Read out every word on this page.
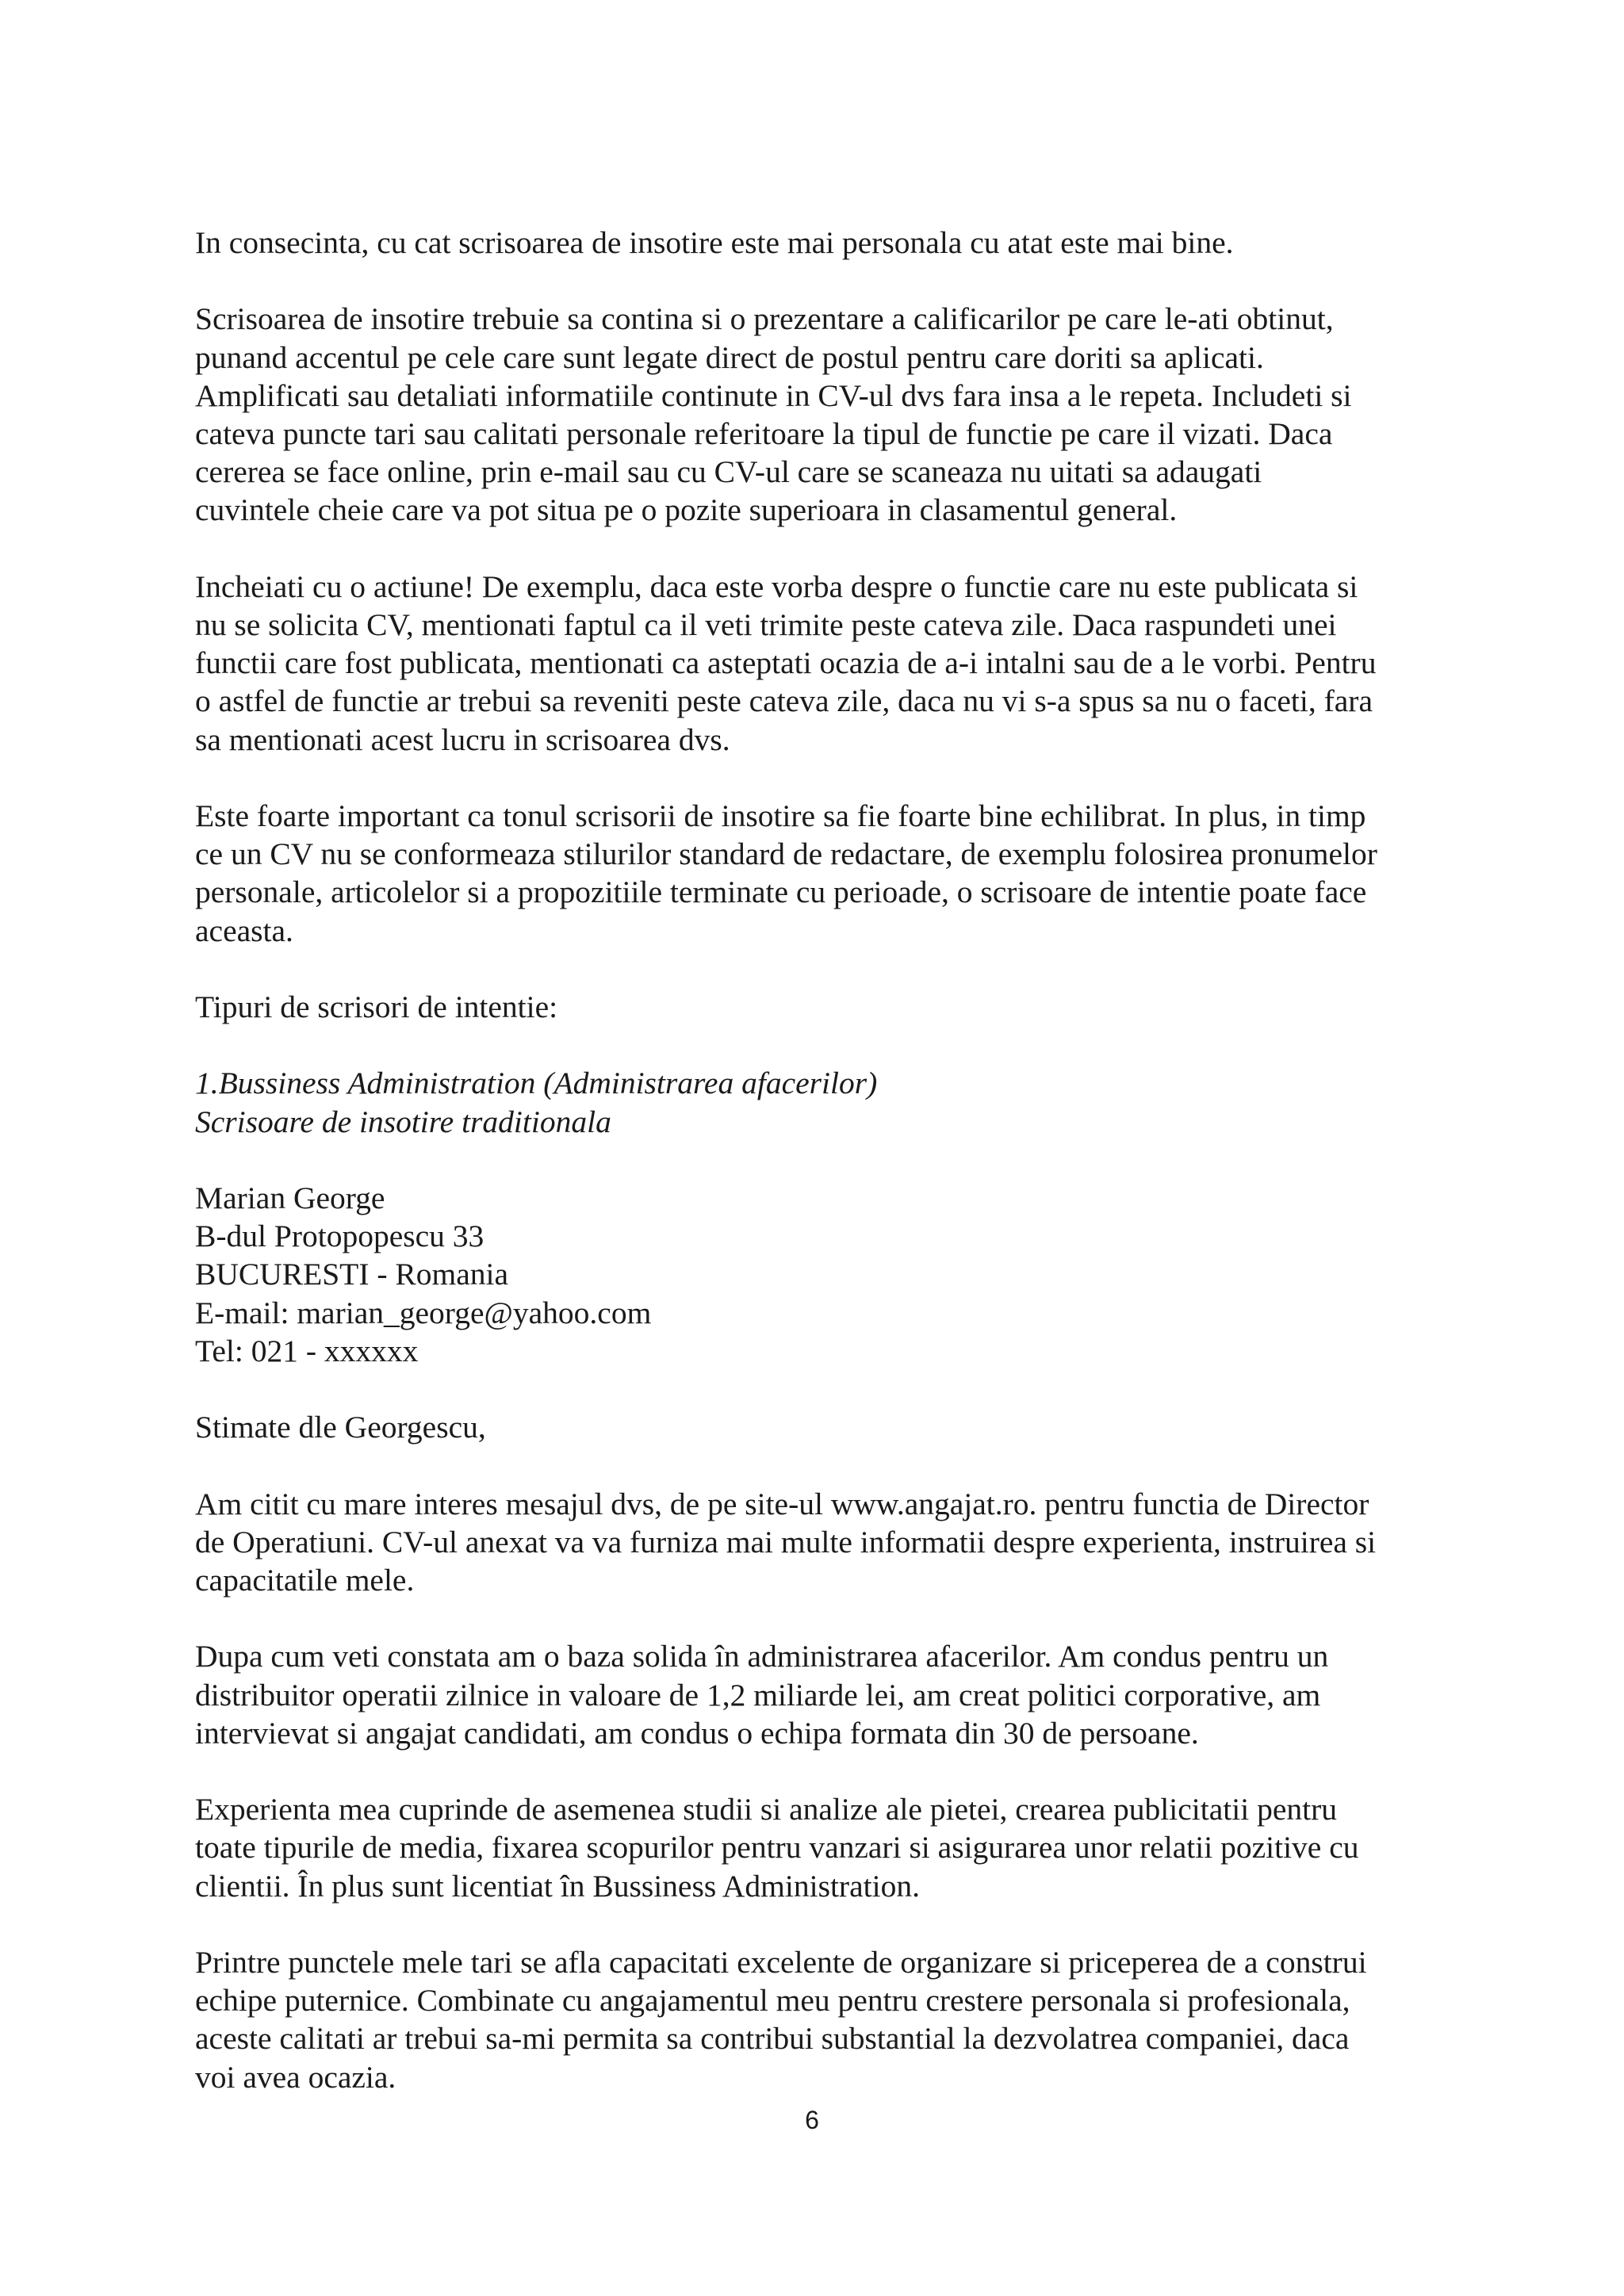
In consecinta, cu cat scrisoarea de insotire este mai personala cu atat este mai bine.

Scrisoarea de insotire trebuie sa contina si o prezentare a calificarilor pe care le-ati obtinut,
punand accentul pe cele care sunt legate direct de postul pentru care doriti sa aplicati.
Amplificati sau detaliati informatiile continute in CV-ul dvs fara insa a le repeta. Includeti si
cateva puncte tari sau calitati personale referitoare la tipul de functie pe care il vizati. Daca
cererea se face online, prin e-mail sau cu CV-ul care se scaneaza nu uitati sa adaugati
cuvintele cheie care va pot situa pe o pozite superioara in clasamentul general.

Incheiati cu o actiune! De exemplu, daca este vorba despre o functie care nu este publicata si
nu se solicita CV, mentionati faptul ca il veti trimite peste cateva zile. Daca raspundeti unei
functii care fost publicata, mentionati ca asteptati ocazia de a-i intalni sau de a le vorbi. Pentru
o astfel de functie ar trebui sa reveniti peste cateva zile, daca nu vi s-a spus sa nu o faceti, fara
sa mentionati acest lucru in scrisoarea dvs.

Este foarte important ca tonul scrisorii de insotire sa fie foarte bine echilibrat. In plus, in timp
ce un CV nu se conformeaza stilurilor standard de redactare, de exemplu folosirea pronumelor
personale, articolelor si a propozitiile terminate cu perioade, o scrisoare de intentie poate face
aceasta.

Tipuri de scrisori de intentie:

1.Bussiness Administration (Administrarea afacerilor)
Scrisoare de insotire traditionala

Marian George

B-dul Protopopescu 33

BUCURESTI - Romania

E-mail: marian_george@yahoo.com

Tel: 021 - xxxxxx

Stimate dle Georgescu,

Am citit cu mare interes mesajul dvs, de pe site-ul www.angajat.ro. pentru functia de Director
de Operatiuni. CV-ul anexat va va furniza mai multe informatii despre experienta, instruirea si
capacitatile mele.

Dupa cum veti constata am o baza solida în administrarea afacerilor. Am condus pentru un
distribuitor operatii zilnice in valoare de 1,2 miliarde lei, am creat politici corporative, am
intervievat si angajat candidati, am condus o echipa formata din 30 de persoane.

Experienta mea cuprinde de asemenea studii si analize ale pietei, crearea publicitatii pentru
toate tipurile de media, fixarea scopurilor pentru vanzari si asigurarea unor relatii pozitive cu
clientii. În plus sunt licentiat în Bussiness Administration.

Printre punctele mele tari se afla capacitati excelente de organizare si priceperea de a construi
echipe puternice. Combinate cu angajamentul meu pentru crestere personala si profesionala,
aceste calitati ar trebui sa-mi permita sa contribui substantial la dezvolatrea companiei, daca
voi avea ocazia.

6
